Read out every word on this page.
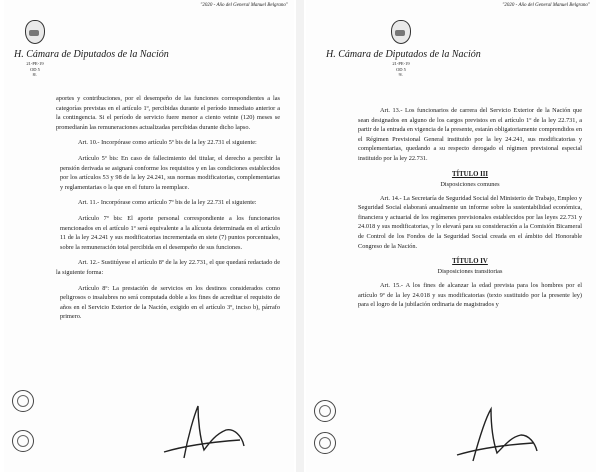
"2020 - Año del General Manuel Belgrano"
H. Cámara de Diputados de la Nación
21-PE-19
OD 5
8/.

aportes y contribuciones, por el desempeño de las funciones correspondientes a las categorías previstas en el artículo 1º, percibidas durante el período inmediato anterior a la contingencia. Si el período de servicio fuere menor a ciento veinte (120) meses se promediarán las remuneraciones actualizadas percibidas durante dicho lapso.

Art. 10.- Incorpórase como artículo 5º bis de la ley 22.731 el siguiente:

Artículo 5º bis: En caso de fallecimiento del titular, el derecho a percibir la pensión derivada se asignará conforme los requisitos y en las condiciones establecidos por los artículos 53 y 98 de la ley 24.241, sus normas modificatorias, complementarias y reglamentarias o la que en el futuro la reemplace.

Art. 11.- Incorpórase como artículo 7º bis de la ley 22.731 el siguiente:

Artículo 7º bis: El aporte personal correspondiente a los funcionarios mencionados en el artículo 1º será equivalente a la alícuota determinada en el artículo 11 de la ley 24.241 y sus modificatorias incrementada en siete (7) puntos porcentuales, sobre la remuneración total percibida en el desempeño de sus funciones.

Art. 12.- Sustitúyese el artículo 8º de la ley 22.731, el que quedará redactado de la siguiente forma:

Artículo 8º: La prestación de servicios en los destinos considerados como peligrosos o insalubres no será computada doble a los fines de acreditar el requisito de años en el Servicio Exterior de la Nación, exigido en el artículo 3º, inciso b), párrafo primero.

"2020 - Año del General Manuel Belgrano"
H. Cámara de Diputados de la Nación
21-PE-19
OD 5
9/.

Art. 13.- Los funcionarios de carrera del Servicio Exterior de la Nación que sean designados en alguno de los cargos previstos en el artículo 1º de la ley 22.731, a partir de la entrada en vigencia de la presente, estarán obligatoriamente comprendidos en el Régimen Previsional General instituido por la ley 24.241, sus modificatorias y complementarias, quedando a su respecto derogado el régimen previsional especial instituido por la ley 22.731.

TÍTULO III
Disposiciones comunes

Art. 14.- La Secretaría de Seguridad Social del Ministerio de Trabajo, Empleo y Seguridad Social elaborará anualmente un informe sobre la sustentabilidad económica, financiera y actuarial de los regímenes previsionales establecidos por las leyes 22.731 y 24.018 y sus modificatorias, y lo elevará para su consideración a la Comisión Bicameral de Control de los Fondos de la Seguridad Social creada en el ámbito del Honorable Congreso de la Nación.

TÍTULO IV
Disposiciones transitorias

Art. 15.- A los fines de alcanzar la edad prevista para los hombres por el artículo 9º de la ley 24.018 y sus modificatorias (texto sustituido por la presente ley) para el logro de la jubilación ordinaria de magistrados y
